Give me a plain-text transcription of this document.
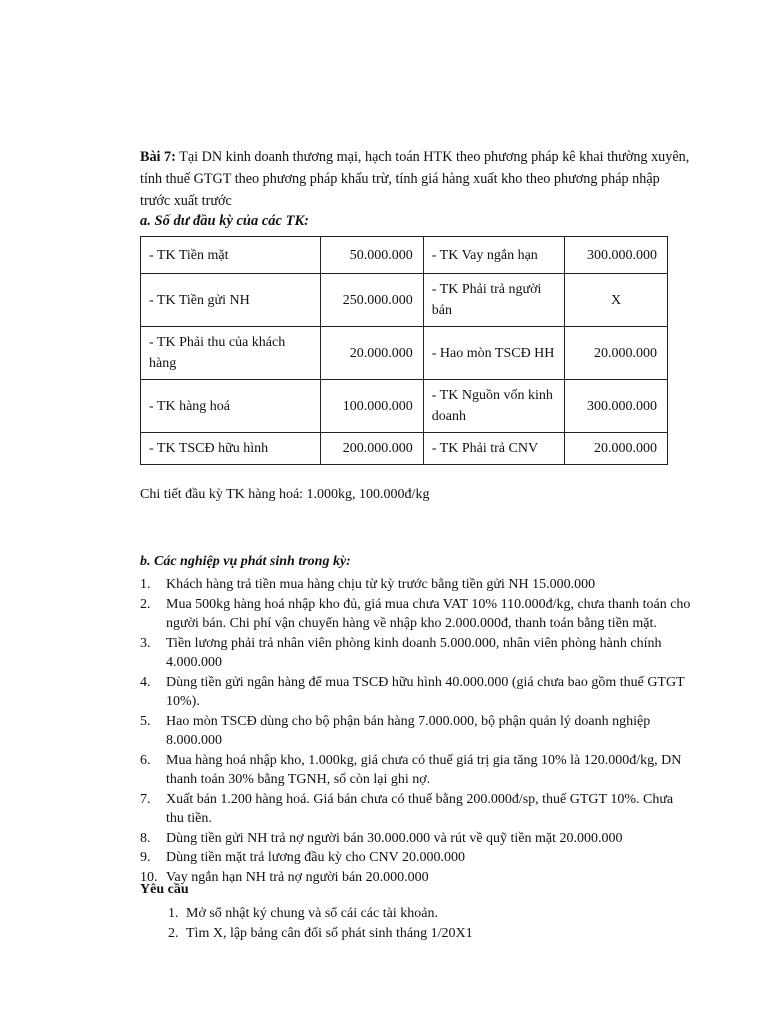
Bài 7: Tại DN kinh doanh thương mại, hạch toán HTK theo phương pháp kê khai thường xuyên, tính thuế GTGT theo phương pháp khấu trừ, tính giá hàng xuất kho theo phương pháp nhập trước xuất trước
a. Số dư đầu kỳ của các TK:
- TK Tiền mặt	50.000.000	- TK Vay ngắn hạn	300.000.000
- TK Tiền gửi NH	250.000.000	- TK Phải trả người bán	X
- TK Phải thu của khách hàng	20.000.000	- Hao mòn TSCĐ HH	20.000.000
- TK hàng hoá	100.000.000	- TK Nguồn vốn kinh doanh	300.000.000
- TK TSCĐ hữu hình	200.000.000	- TK Phải trả CNV	20.000.000
Chi tiết đầu kỳ TK hàng hoá: 1.000kg, 100.000đ/kg
b. Các nghiệp vụ phát sinh trong kỳ:
1. Khách hàng trả tiền mua hàng chịu từ kỳ trước bằng tiền gửi NH 15.000.000
2. Mua 500kg hàng hoá nhập kho đủ, giá mua chưa VAT 10% 110.000đ/kg, chưa thanh toán cho người bán. Chi phí vận chuyển hàng về nhập kho 2.000.000đ, thanh toán bằng tiền mặt.
3. Tiền lương phải trả nhân viên phòng kinh doanh 5.000.000, nhân viên phòng hành chính 4.000.000
4. Dùng tiền gửi ngân hàng để mua TSCĐ hữu hình 40.000.000 (giá chưa bao gồm thuế GTGT 10%).
5. Hao mòn TSCĐ dùng cho bộ phận bán hàng 7.000.000, bộ phận quản lý doanh nghiệp 8.000.000
6. Mua hàng hoá nhập kho, 1.000kg, giá chưa có thuế giá trị gia tăng 10% là 120.000đ/kg, DN thanh toán 30% bằng TGNH, số còn lại ghi nợ.
7. Xuất bán 1.200 hàng hoá. Giá bán chưa có thuế bằng 200.000đ/sp, thuế GTGT 10%. Chưa thu tiền.
8. Dùng tiền gửi NH trả nợ người bán 30.000.000 và rút về quỹ tiền mặt 20.000.000
9. Dùng tiền mặt trả lương đầu kỳ cho CNV 20.000.000
10. Vay ngắn hạn NH trả nợ người bán 20.000.000
Yêu cầu
1. Mở sổ nhật ký chung và sổ cái các tài khoản.
2. Tìm X, lập bảng cân đối số phát sinh tháng 1/20X1
